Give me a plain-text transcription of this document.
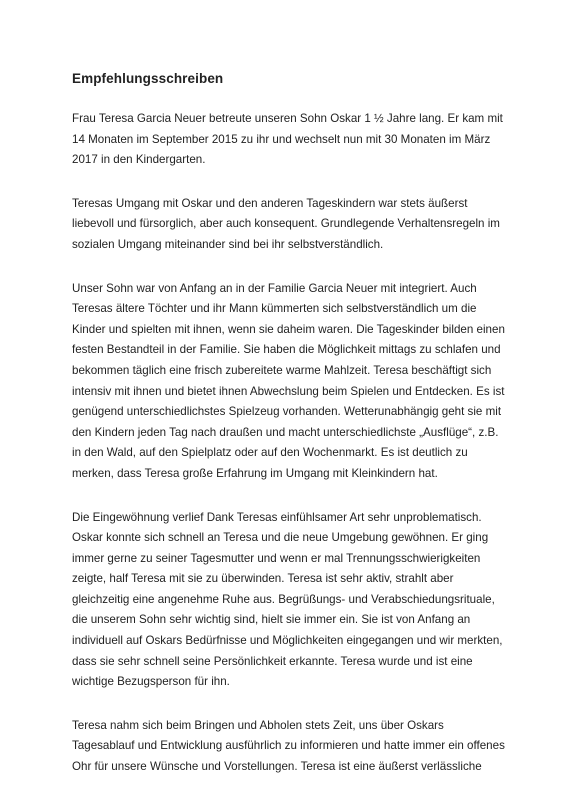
Empfehlungsschreiben

Frau Teresa Garcia Neuer betreute unseren Sohn Oskar 1 ½ Jahre lang. Er kam mit
14 Monaten im September 2015 zu ihr und wechselt nun mit 30 Monaten im März
2017 in den Kindergarten.

Teresas Umgang mit Oskar und den anderen Tageskindern war stets äußerst
liebevoll und fürsorglich, aber auch konsequent. Grundlegende Verhaltensregeln im
sozialen Umgang miteinander sind bei ihr selbstverständlich.

Unser Sohn war von Anfang an in der Familie Garcia Neuer mit integriert. Auch
Teresas ältere Töchter und ihr Mann kümmerten sich selbstverständlich um die
Kinder und spielten mit ihnen, wenn sie daheim waren. Die Tageskinder bilden einen
festen Bestandteil in der Familie. Sie haben die Möglichkeit mittags zu schlafen und
bekommen täglich eine frisch zubereitete warme Mahlzeit. Teresa beschäftigt sich
intensiv mit ihnen und bietet ihnen Abwechslung beim Spielen und Entdecken. Es ist
genügend unterschiedlichstes Spielzeug vorhanden. Wetterunabhängig geht sie mit
den Kindern jeden Tag nach draußen und macht unterschiedlichste „Ausflüge“, z.B.
in den Wald, auf den Spielplatz oder auf den Wochenmarkt. Es ist deutlich zu
merken, dass Teresa große Erfahrung im Umgang mit Kleinkindern hat.

Die Eingewöhnung verlief Dank Teresas einfühlsamer Art sehr unproblematisch.
Oskar konnte sich schnell an Teresa und die neue Umgebung gewöhnen. Er ging
immer gerne zu seiner Tagesmutter und wenn er mal Trennungsschwierigkeiten
zeigte, half Teresa mit sie zu überwinden. Teresa ist sehr aktiv, strahlt aber
gleichzeitig eine angenehme Ruhe aus. Begrüßungs- und Verabschiedungsrituale,
die unserem Sohn sehr wichtig sind, hielt sie immer ein. Sie ist von Anfang an
individuell auf Oskars Bedürfnisse und Möglichkeiten eingegangen und wir merkten,
dass sie sehr schnell seine Persönlichkeit erkannte. Teresa wurde und ist eine
wichtige Bezugsperson für ihn.

Teresa nahm sich beim Bringen und Abholen stets Zeit, uns über Oskars
Tagesablauf und Entwicklung ausführlich zu informieren und hatte immer ein offenes
Ohr für unsere Wünsche und Vorstellungen. Teresa ist eine äußerst verlässliche
